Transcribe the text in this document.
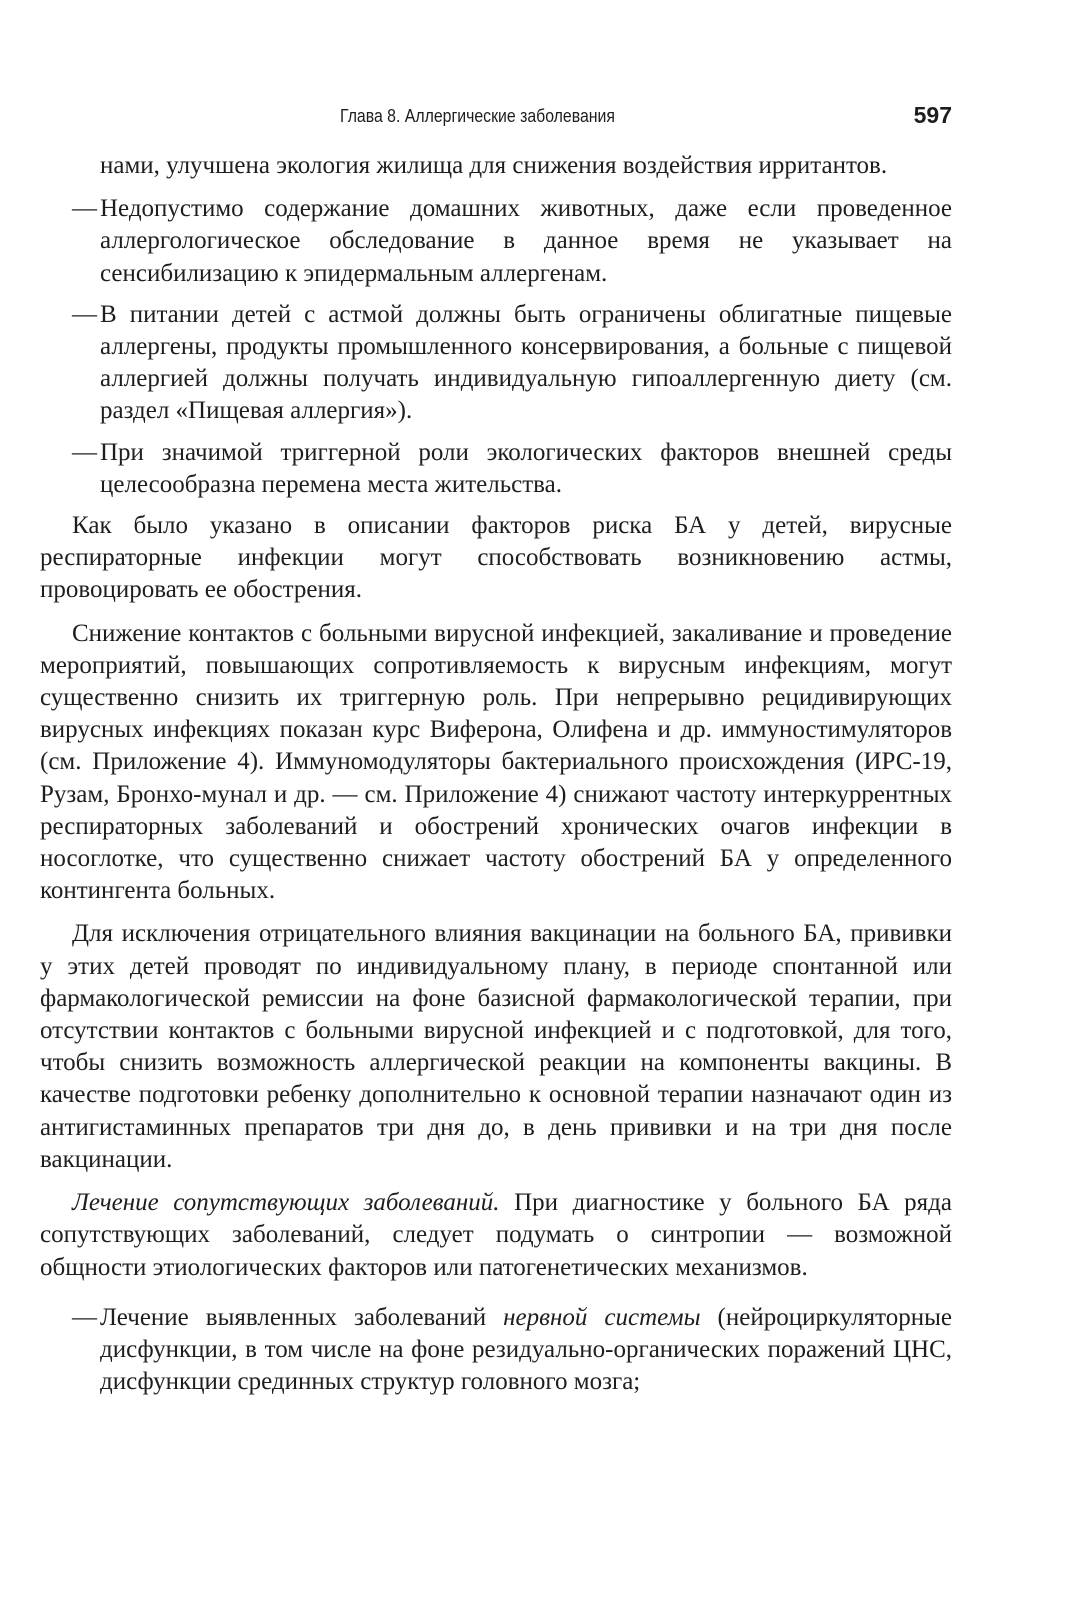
Глава 8. Аллергические заболевания	597

нами, улучшена экология жилища для снижения воздействия ирритантов.

— Недопустимо содержание домашних животных, даже если проведенное аллергологическое обследование в данное время не указывает на сенсибилизацию к эпидермальным аллергенам.
— В питании детей с астмой должны быть ограничены облигатные пищевые аллергены, продукты промышленного консервирования, а больные с пищевой аллергией должны получать индивидуальную гипоаллергенную диету (см. раздел «Пищевая аллергия»).
— При значимой триггерной роли экологических факторов внешней среды целесообразна перемена места жительства.

Как было указано в описании факторов риска БА у детей, вирусные респираторные инфекции могут способствовать возникновению астмы, провоцировать ее обострения.

Снижение контактов с больными вирусной инфекцией, закаливание и проведение мероприятий, повышающих сопротивляемость к вирусным инфекциям, могут существенно снизить их триггерную роль. При непрерывно рецидивирующих вирусных инфекциях показан курс Виферона, Олифена и др. иммуностимуляторов (см. Приложение 4). Иммуномодуляторы бактериального происхождения (ИРС-19, Рузам, Бронхо-мунал и др. — см. Приложение 4) снижают частоту интеркуррентных респираторных заболеваний и обострений хронических очагов инфекции в носоглотке, что существенно снижает частоту обострений БА у определенного контингента больных.

Для исключения отрицательного влияния вакцинации на больного БА, прививки у этих детей проводят по индивидуальному плану, в периоде спонтанной или фармакологической ремиссии на фоне базисной фармакологической терапии, при отсутствии контактов с больными вирусной инфекцией и с подготовкой, для того, чтобы снизить возможность аллергической реакции на компоненты вакцины. В качестве подготовки ребенку дополнительно к основной терапии назначают один из антигистаминных препаратов три дня до, в день прививки и на три дня после вакцинации.

Лечение сопутствующих заболеваний. При диагностике у больного БА ряда сопутствующих заболеваний, следует подумать о синтропии — возможной общности этиологических факторов или патогенетических механизмов.

— Лечение выявленных заболеваний нервной системы (нейроциркуляторные дисфункции, в том числе на фоне резидуально-органических поражений ЦНС, дисфункции срединных структур головного мозга;
